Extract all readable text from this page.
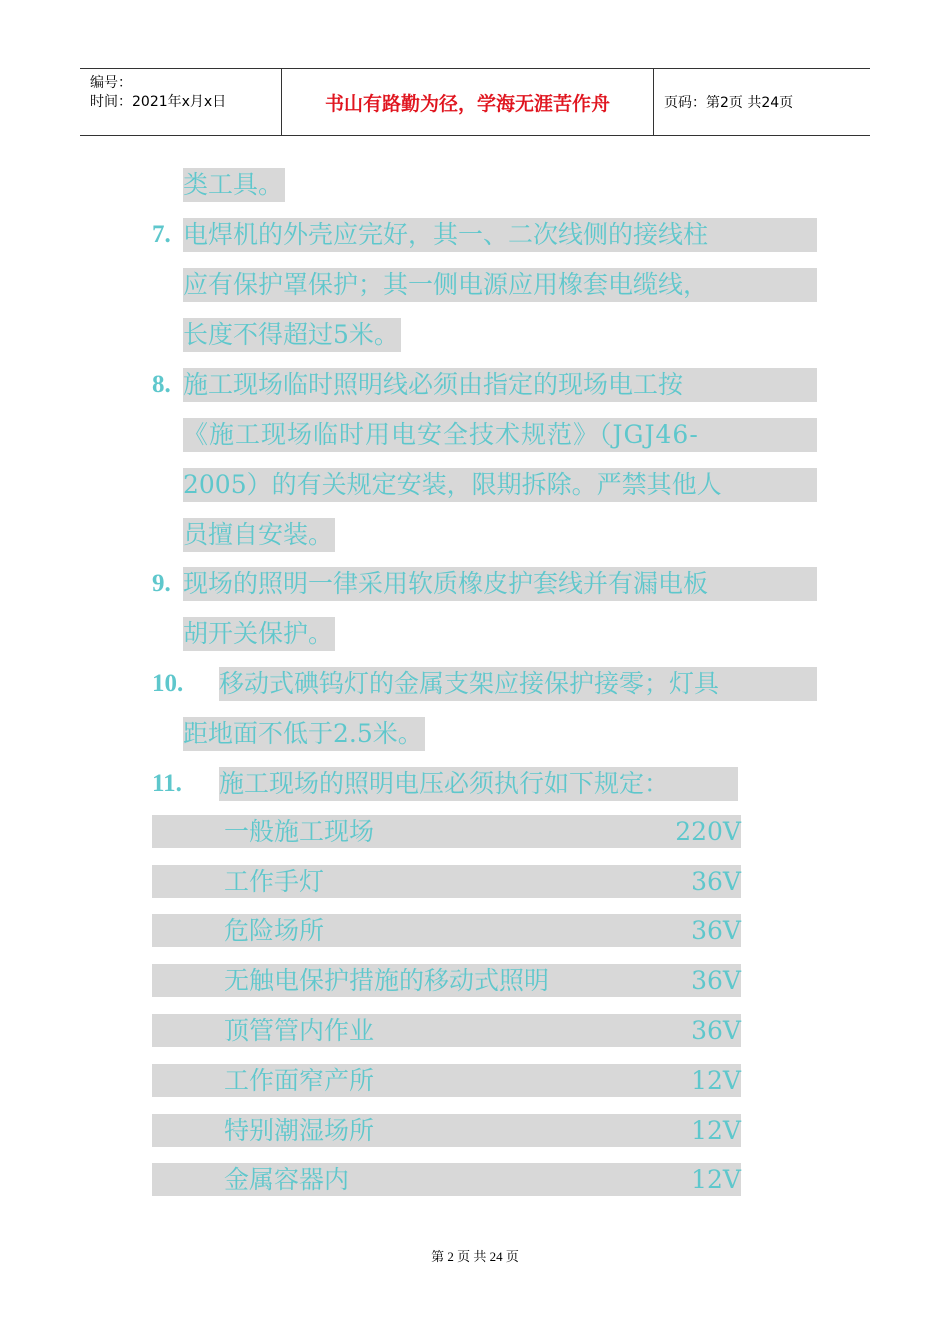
编号：
时间：2021年x月x日	书山有路勤为径，学海无涯苦作舟	页码：第2页 共24页
类工具。
7. 电焊机的外壳应完好，其一、二次线侧的接线柱
应有保护罩保护；其一侧电源应用橡套电缆线，
长度不得超过5米。
8. 施工现场临时照明线必须由指定的现场电工按
《施工现场临时用电安全技术规范》（JGJ46-
2005）的有关规定安装，限期拆除。严禁其他人
员擅自安装。
9. 现场的照明一律采用软质橡皮护套线并有漏电板
胡开关保护。
10. 移动式碘钨灯的金属支架应接保护接零；灯具
距地面不低于2.5米。
11. 施工现场的照明电压必须执行如下规定：
一般施工现场	220V
工作手灯	36V
危险场所	36V
无触电保护措施的移动式照明	36V
顶管管内作业	36V
工作面窄产所	12V
特别潮湿场所	12V
金属容器内	12V
第 2 页 共 24 页
